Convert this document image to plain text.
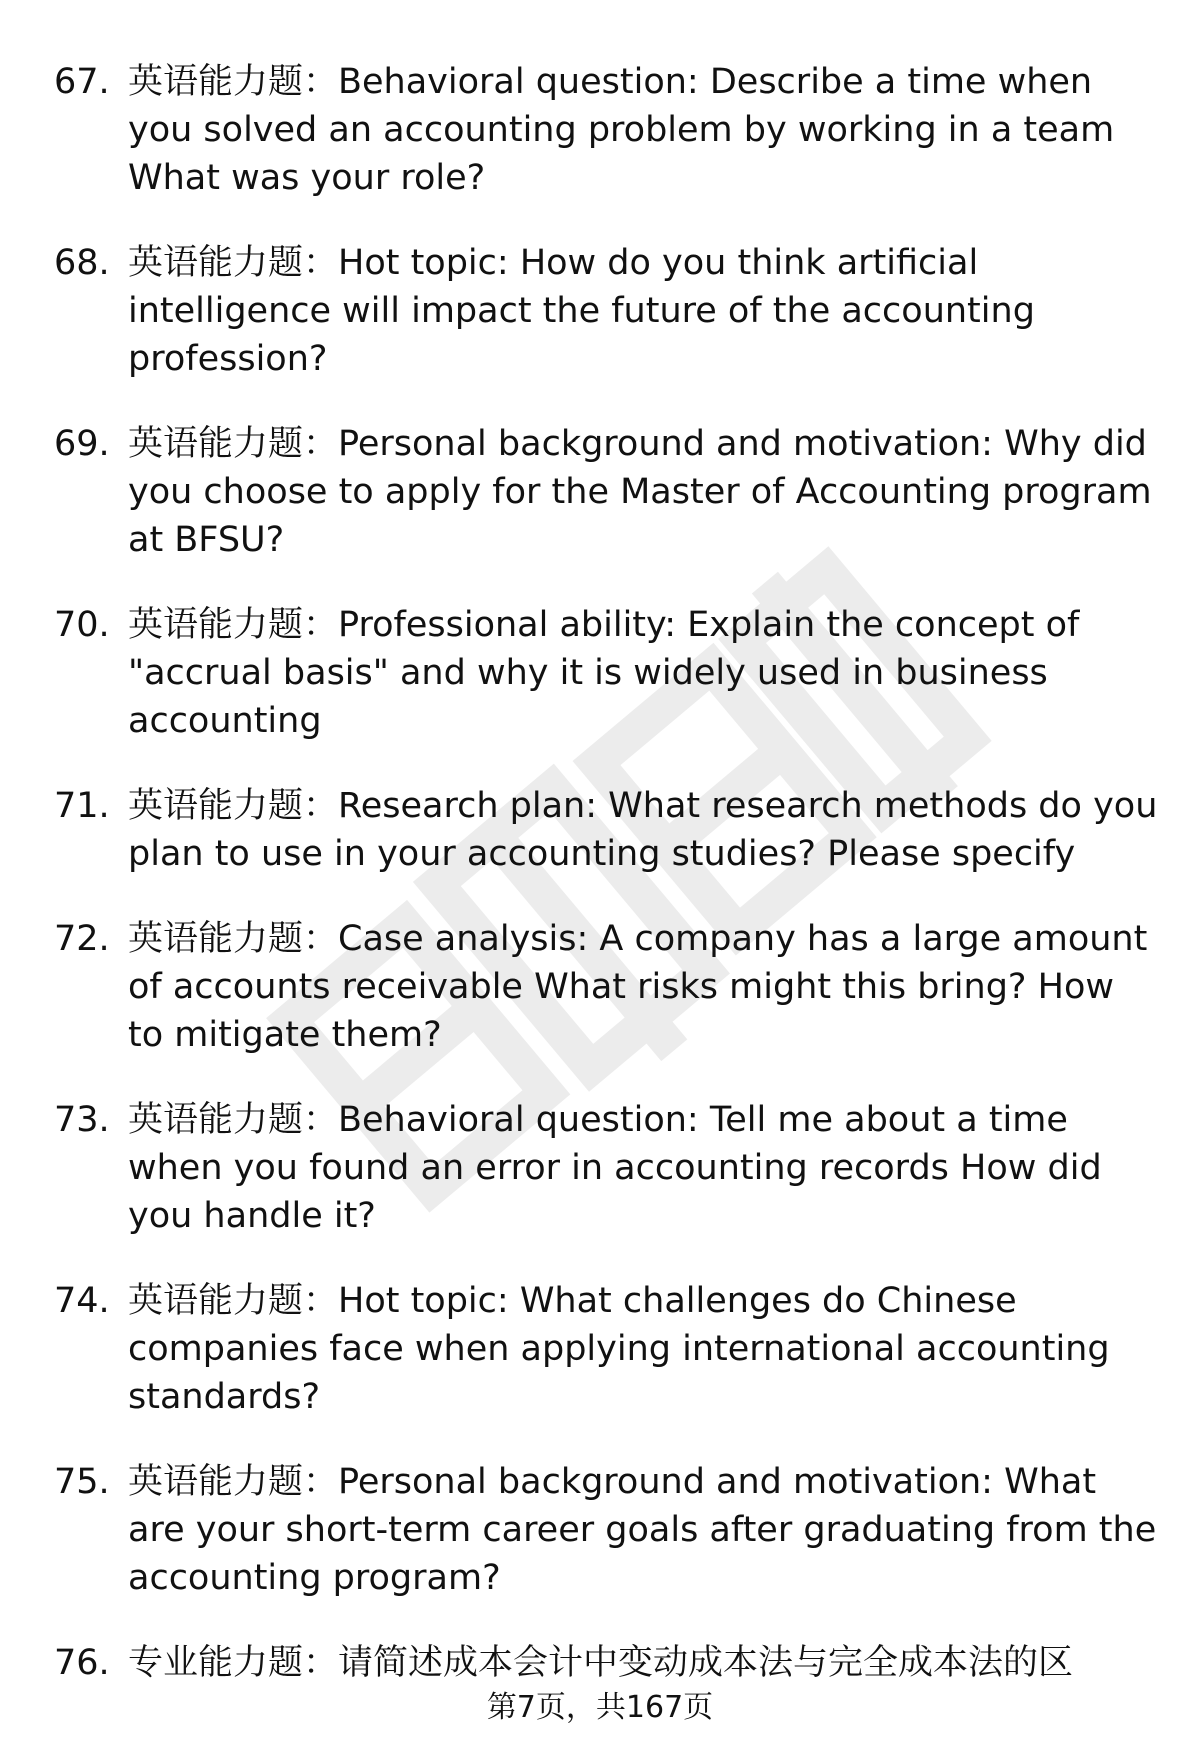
67. 英语能力题：Behavioral question: Describe a time when you solved an accounting problem by working in a team What was your role?
68. 英语能力题：Hot topic: How do you think artificial intelligence will impact the future of the accounting profession?
69. 英语能力题：Personal background and motivation: Why did you choose to apply for the Master of Accounting program at BFSU?
70. 英语能力题：Professional ability: Explain the concept of "accrual basis" and why it is widely used in business accounting
71. 英语能力题：Research plan: What research methods do you plan to use in your accounting studies? Please specify
72. 英语能力题：Case analysis: A company has a large amount of accounts receivable What risks might this bring? How to mitigate them?
73. 英语能力题：Behavioral question: Tell me about a time when you found an error in accounting records How did you handle it?
74. 英语能力题：Hot topic: What challenges do Chinese companies face when applying international accounting standards?
75. 英语能力题：Personal background and motivation: What are your short-term career goals after graduating from the accounting program?
76. 专业能力题：请简述成本会计中变动成本法与完全成本法的区
第7页，共167页
